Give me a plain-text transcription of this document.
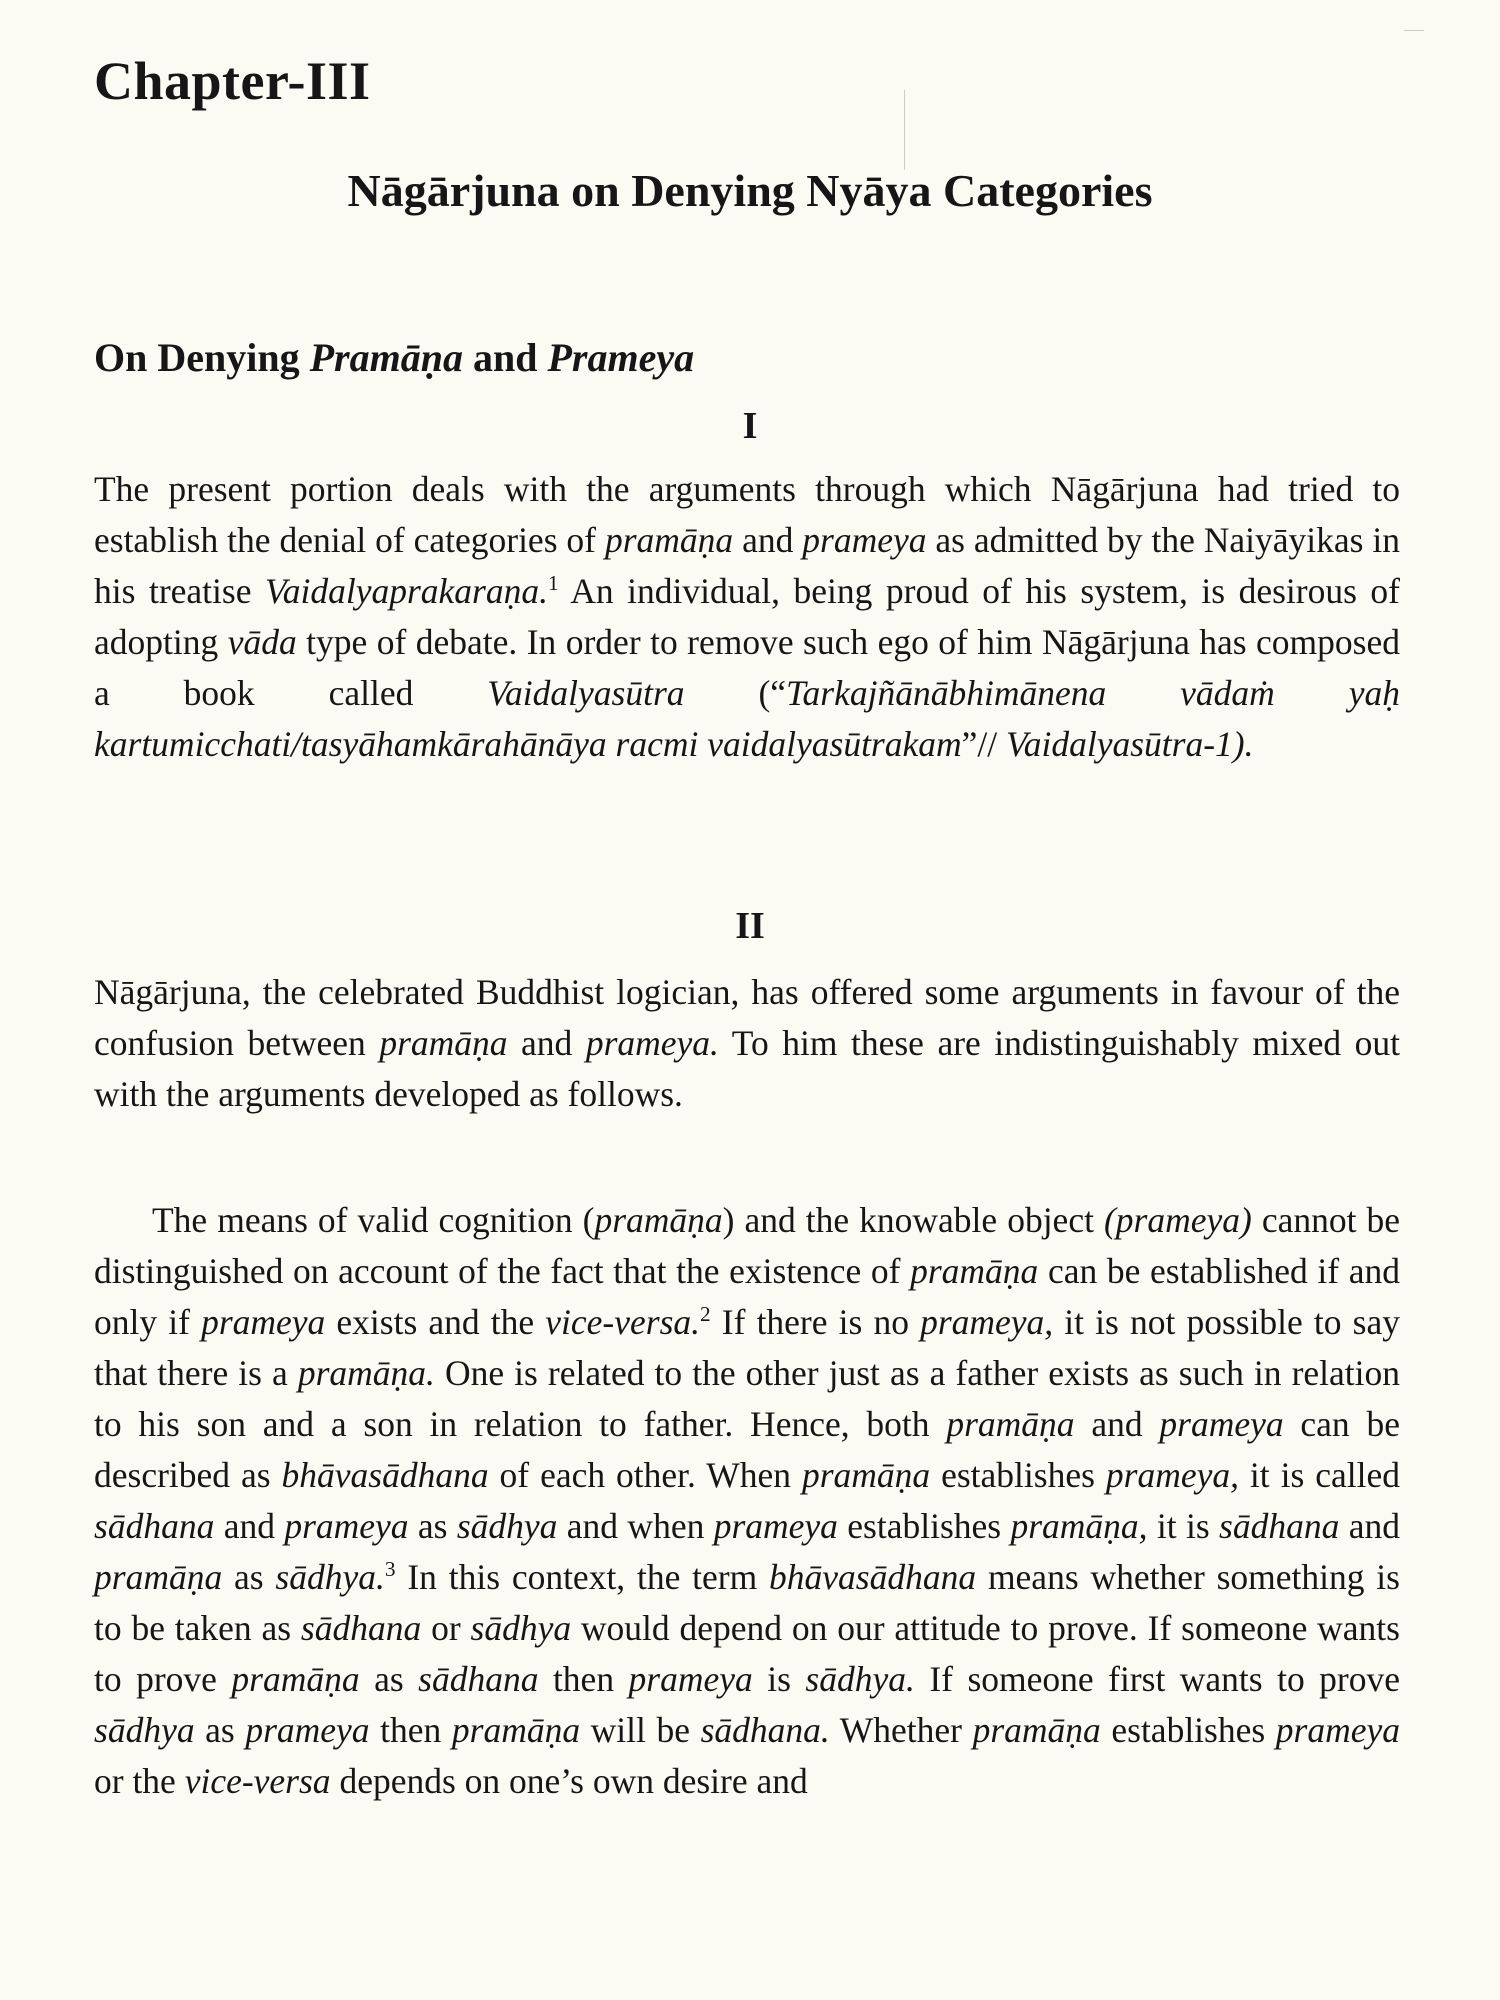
Chapter-III
Nāgārjuna on Denying Nyāya Categories
On Denying Pramāṇa and Prameya
I

The present portion deals with the arguments through which Nāgārjuna had tried to establish the denial of categories of pramāṇa and prameya as admitted by the Naiyāyikas in his treatise Vaidalyaprakaraṇa.$^1$ An individual, being proud of his system, is desirous of adopting vāda type of debate. In order to remove such ego of him Nāgārjuna has composed a book called Vaidalyasūtra (“Tarkajñānābhimānena vādaṁ yaḥ kartumicchati/tasyāhamkārahānāya racmi vaidalyasūtrakam”// Vaidalyasūtra-1).

II

Nāgārjuna, the celebrated Buddhist logician, has offered some arguments in favour of the confusion between pramāṇa and prameya. To him these are indistinguishably mixed out with the arguments developed as follows.

The means of valid cognition (pramāṇa) and the knowable object (prameya) cannot be distinguished on account of the fact that the existence of pramāṇa can be established if and only if prameya exists and the vice-versa.$^2$ If there is no prameya, it is not possible to say that there is a pramāṇa. One is related to the other just as a father exists as such in relation to his son and a son in relation to father. Hence, both pramāṇa and prameya can be described as bhāvasādhana of each other. When pramāṇa establishes prameya, it is called sādhana and prameya as sādhya and when prameya establishes pramāṇa, it is sādhana and pramāṇa as sādhya.$^3$ In this context, the term bhāvasādhana means whether something is to be taken as sādhana or sādhya would depend on our attitude to prove. If someone wants to prove pramāṇa as sādhana then prameya is sādhya. If someone first wants to prove sādhya as prameya then pramāṇa will be sādhana. Whether pramāṇa establishes prameya or the vice-versa depends on one’s own desire and
